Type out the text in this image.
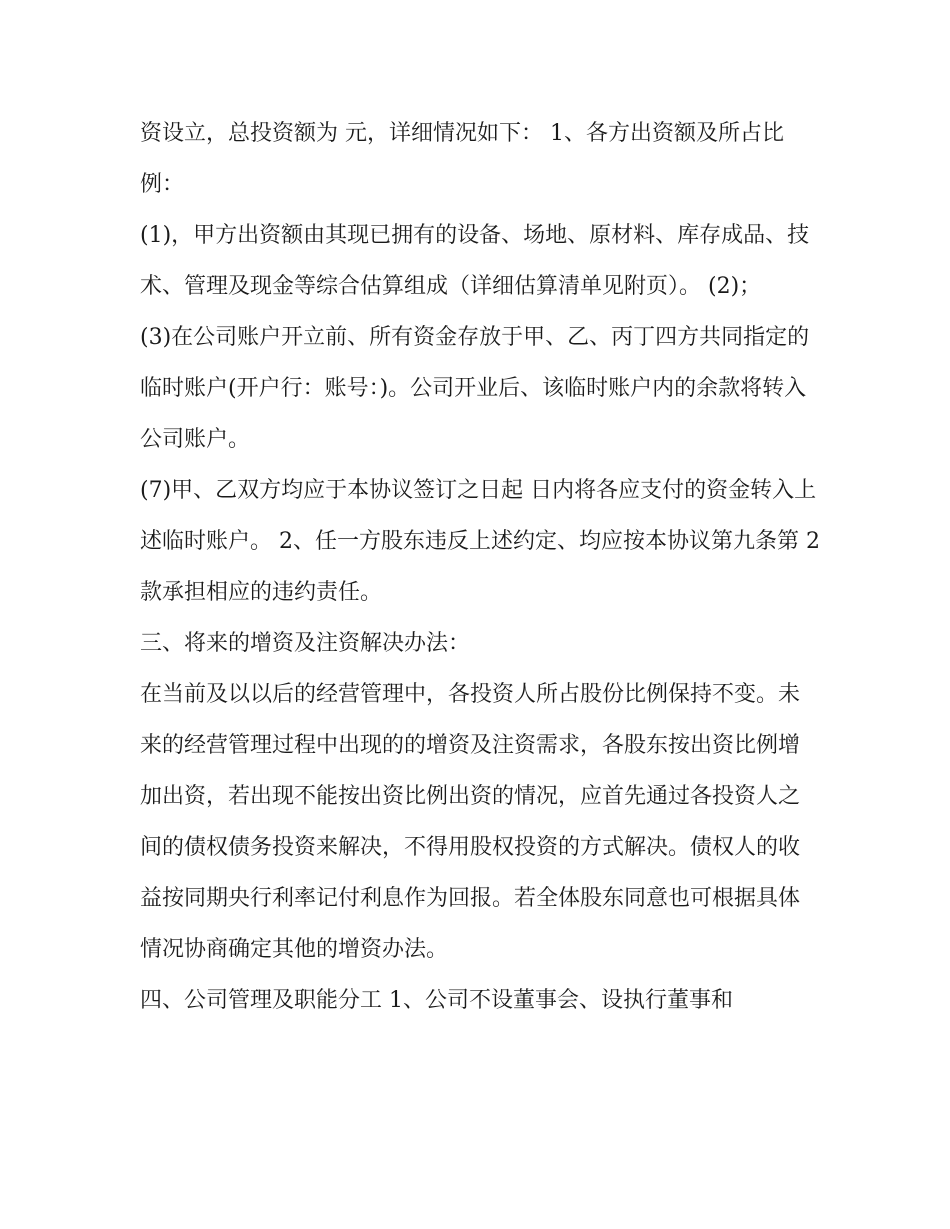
资设立，总投资额为 元，详细情况如下： 1、各方出资额及所占比例：

(1)，甲方出资额由其现已拥有的设备、场地、原材料、库存成品、技术、管理及现金等综合估算组成（详细估算清单见附页）。 (2)；

(3)在公司账户开立前、所有资金存放于甲、乙、丙丁四方共同指定的临时账户(开户行：账号：)。公司开业后、该临时账户内的余款将转入公司账户。

(7)甲、乙双方均应于本协议签订之日起 日内将各应支付的资金转入上述临时账户。 2、任一方股东违反上述约定、均应按本协议第九条第 2 款承担相应的违约责任。

三、将来的增资及注资解决办法：

在当前及以以后的经营管理中，各投资人所占股份比例保持不变。未来的经营管理过程中出现的的增资及注资需求，各股东按出资比例增加出资，若出现不能按出资比例出资的情况，应首先通过各投资人之间的债权债务投资来解决，不得用股权投资的方式解决。债权人的收益按同期央行利率记付利息作为回报。若全体股东同意也可根据具体情况协商确定其他的增资办法。

四、公司管理及职能分工 1、公司不设董事会、设执行董事和
